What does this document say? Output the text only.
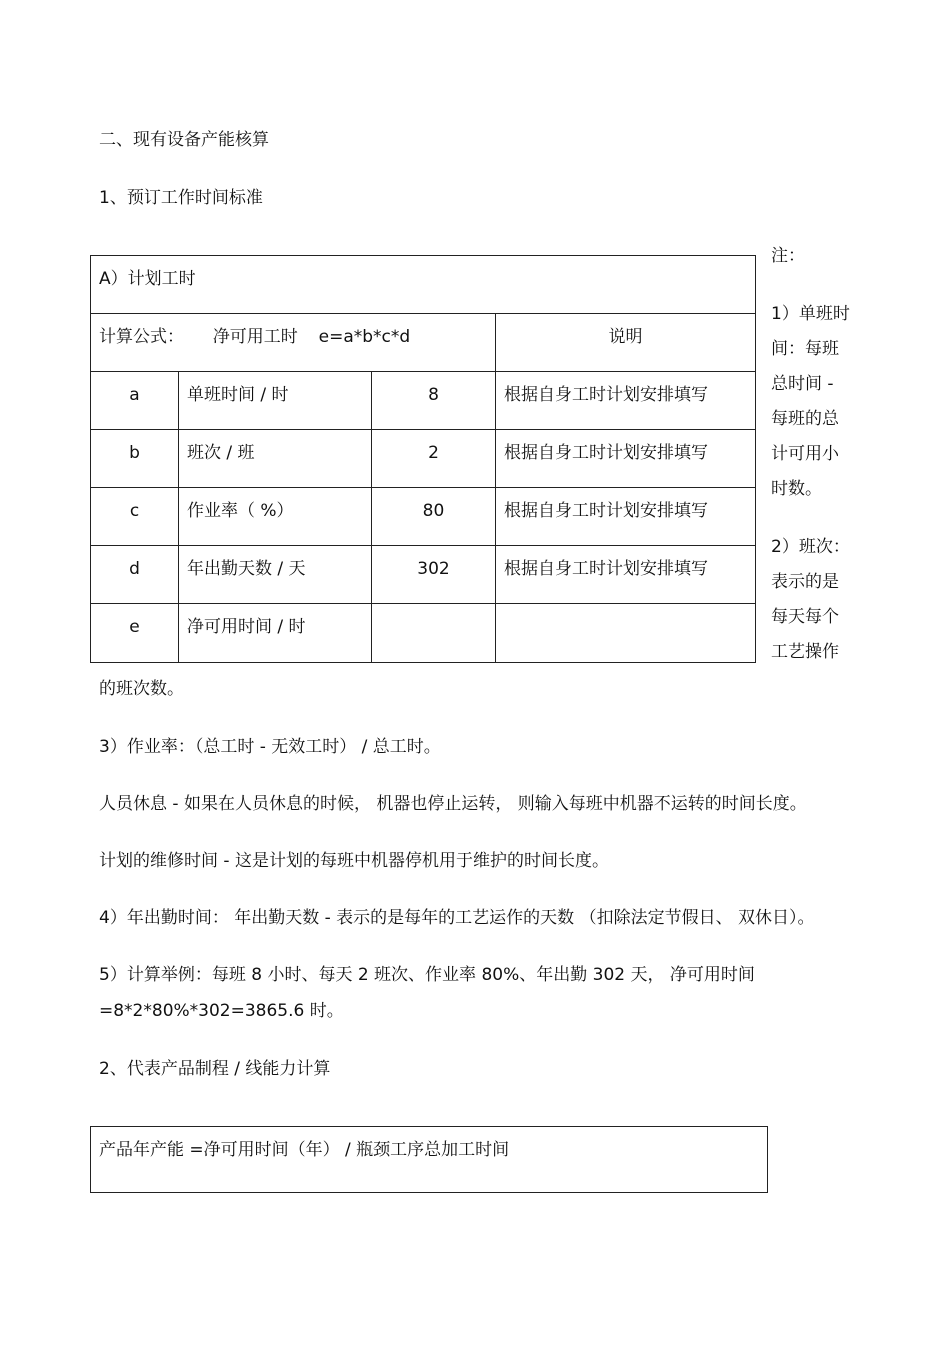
二、现有设备产能核算
1、预订工作时间标准
A）计划工时			

计算公式： 净可用工时 e=a*b*c*d			说明

a	单班时间 / 时	8	根据自身工时计划安排填写

b	班次 / 班	2	根据自身工时计划安排填写

c	作业率（ %）	80	根据自身工时计划安排填写

d	年出勤天数 / 天	302	根据自身工时计划安排填写

e	净可用时间 / 时		

注：
1）单班时
间：每班
总时间 -
每班的总
计可用小
时数。
2）班次：
表示的是
每天每个
工艺操作
的班次数。
3）作业率：（总工时 - 无效工时） / 总工时。
人员休息 - 如果在人员休息的时候， 机器也停止运转， 则输入每班中机器不运转的时间长度。
计划的维修时间 - 这是计划的每班中机器停机用于维护的时间长度。
4）年出勤时间： 年出勤天数 - 表示的是每年的工艺运作的天数 （扣除法定节假日、 双休日）。
5）计算举例：每班 8 小时、每天 2 班次、作业率 80%、年出勤 302 天， 净可用时间
=8*2*80%*302=3865.6 时。
2、代表产品制程 / 线能力计算
产品年产能 =净可用时间（年） / 瓶颈工序总加工时间
